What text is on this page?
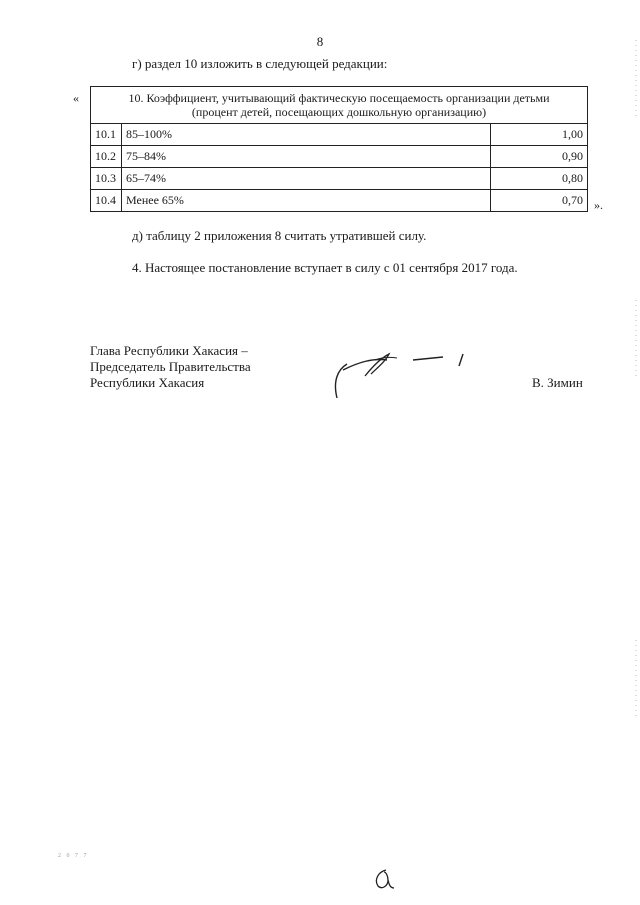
8
г) раздел 10 изложить в следующей редакции:
«	10. Коэффициент, учитывающий фактическую посещаемость организации детьми
(процент детей, посещающих дошкольную организацию)		

10.1	85–100%	1,00
10.2	75–84%	0,90
10.3	65–74%	0,80
10.4	Менее 65%	0,70 ».
д) таблицу 2 приложения 8 считать утратившей силу.
4. Настоящее постановление вступает в силу с 01 сентября 2017 года.
Глава Республики Хакасия –
Председатель Правительства
Республики Хакасия	В. Зимин
2 0 7 7
